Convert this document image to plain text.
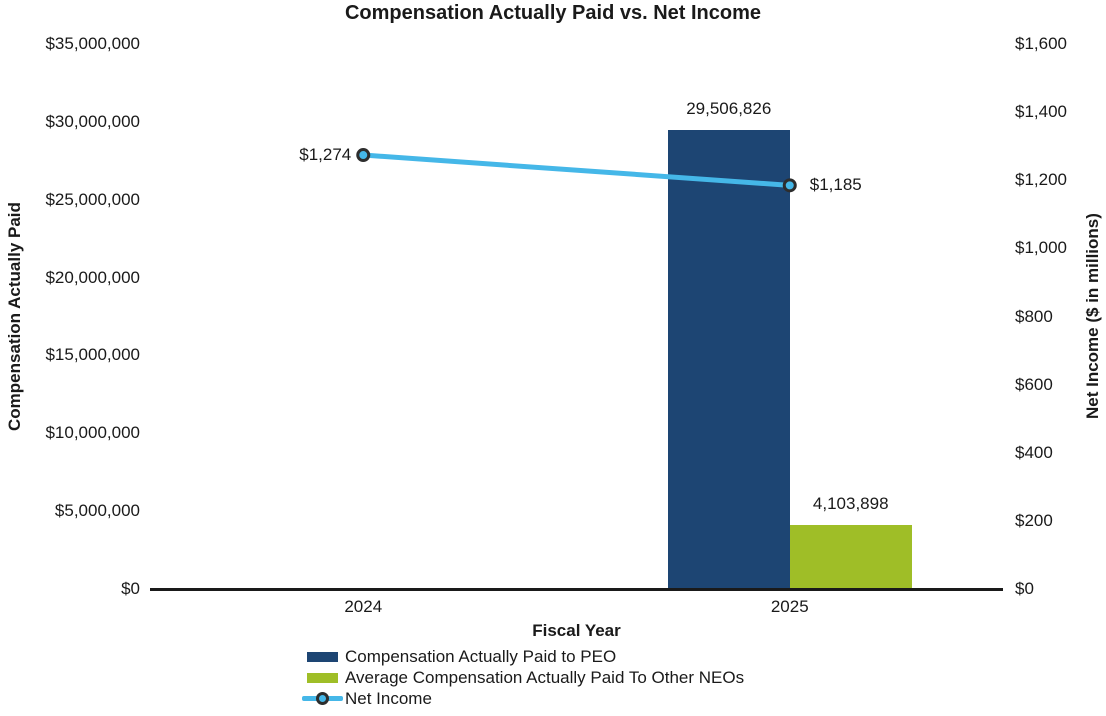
Compensation Actually Paid vs. Net Income
Compensation Actually Paid	Net Income ($ in millions)
$0
$5,000,000
$10,000,000
$15,000,000
$20,000,000
$25,000,000
$30,000,000
$35,000,000
$0
$200
$400
$600
$800
$1,000
$1,200
$1,400
$1,600
29,506,826
4,103,898
$1,274
$1,185
2024	2025
Fiscal Year
Compensation Actually Paid to PEO
Average Compensation Actually Paid To Other NEOs
Net Income
